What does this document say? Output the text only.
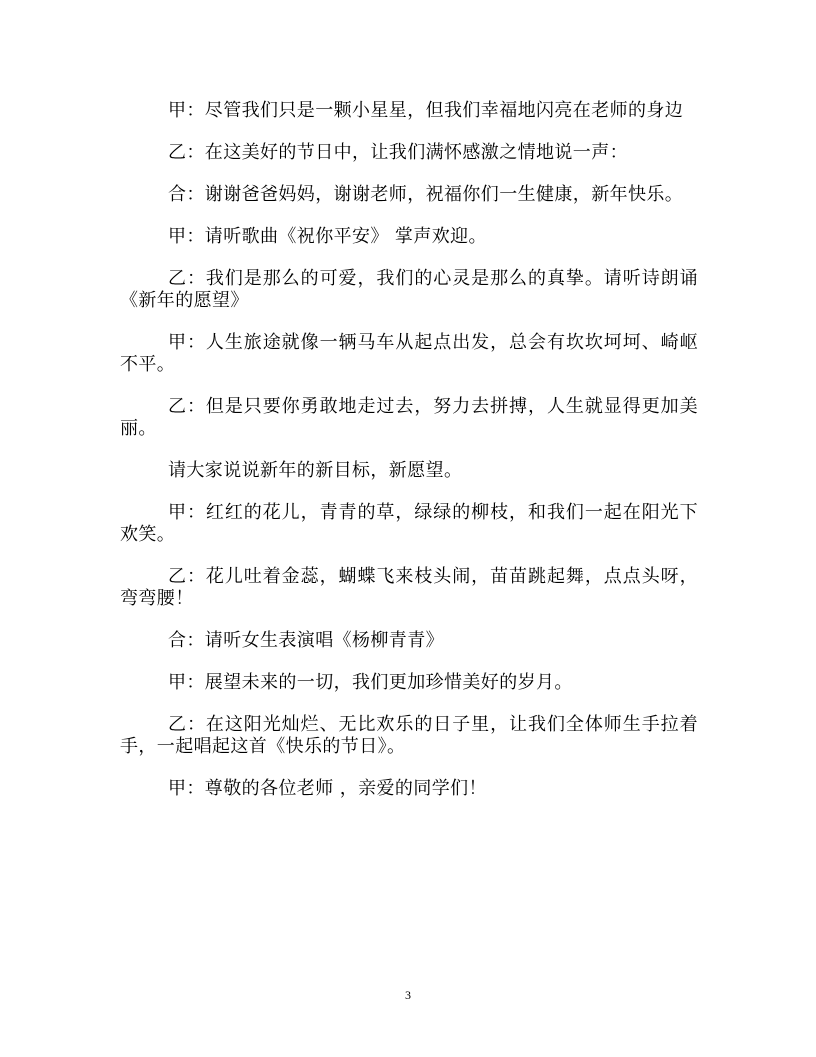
甲：尽管我们只是一颗小星星，但我们幸福地闪亮在老师的身边

乙：在这美好的节日中，让我们满怀感激之情地说一声：

合：谢谢爸爸妈妈，谢谢老师，祝福你们一生健康，新年快乐。

甲：请听歌曲《祝你平安》 掌声欢迎。

乙：我们是那么的可爱，我们的心灵是那么的真挚。请听诗朗诵《新年的愿望》

甲：人生旅途就像一辆马车从起点出发，总会有坎坎坷坷、崎岖不平。

乙：但是只要你勇敢地走过去，努力去拼搏，人生就显得更加美丽。

请大家说说新年的新目标，新愿望。

甲：红红的花儿，青青的草，绿绿的柳枝，和我们一起在阳光下欢笑。

乙：花儿吐着金蕊，蝴蝶飞来枝头闹，苗苗跳起舞，点点头呀，弯弯腰！

合：请听女生表演唱《杨柳青青》

甲：展望未来的一切，我们更加珍惜美好的岁月。

乙：在这阳光灿烂、无比欢乐的日子里，让我们全体师生手拉着手，一起唱起这首《快乐的节日》。

甲：尊敬的各位老师 ，亲爱的同学们！

3
